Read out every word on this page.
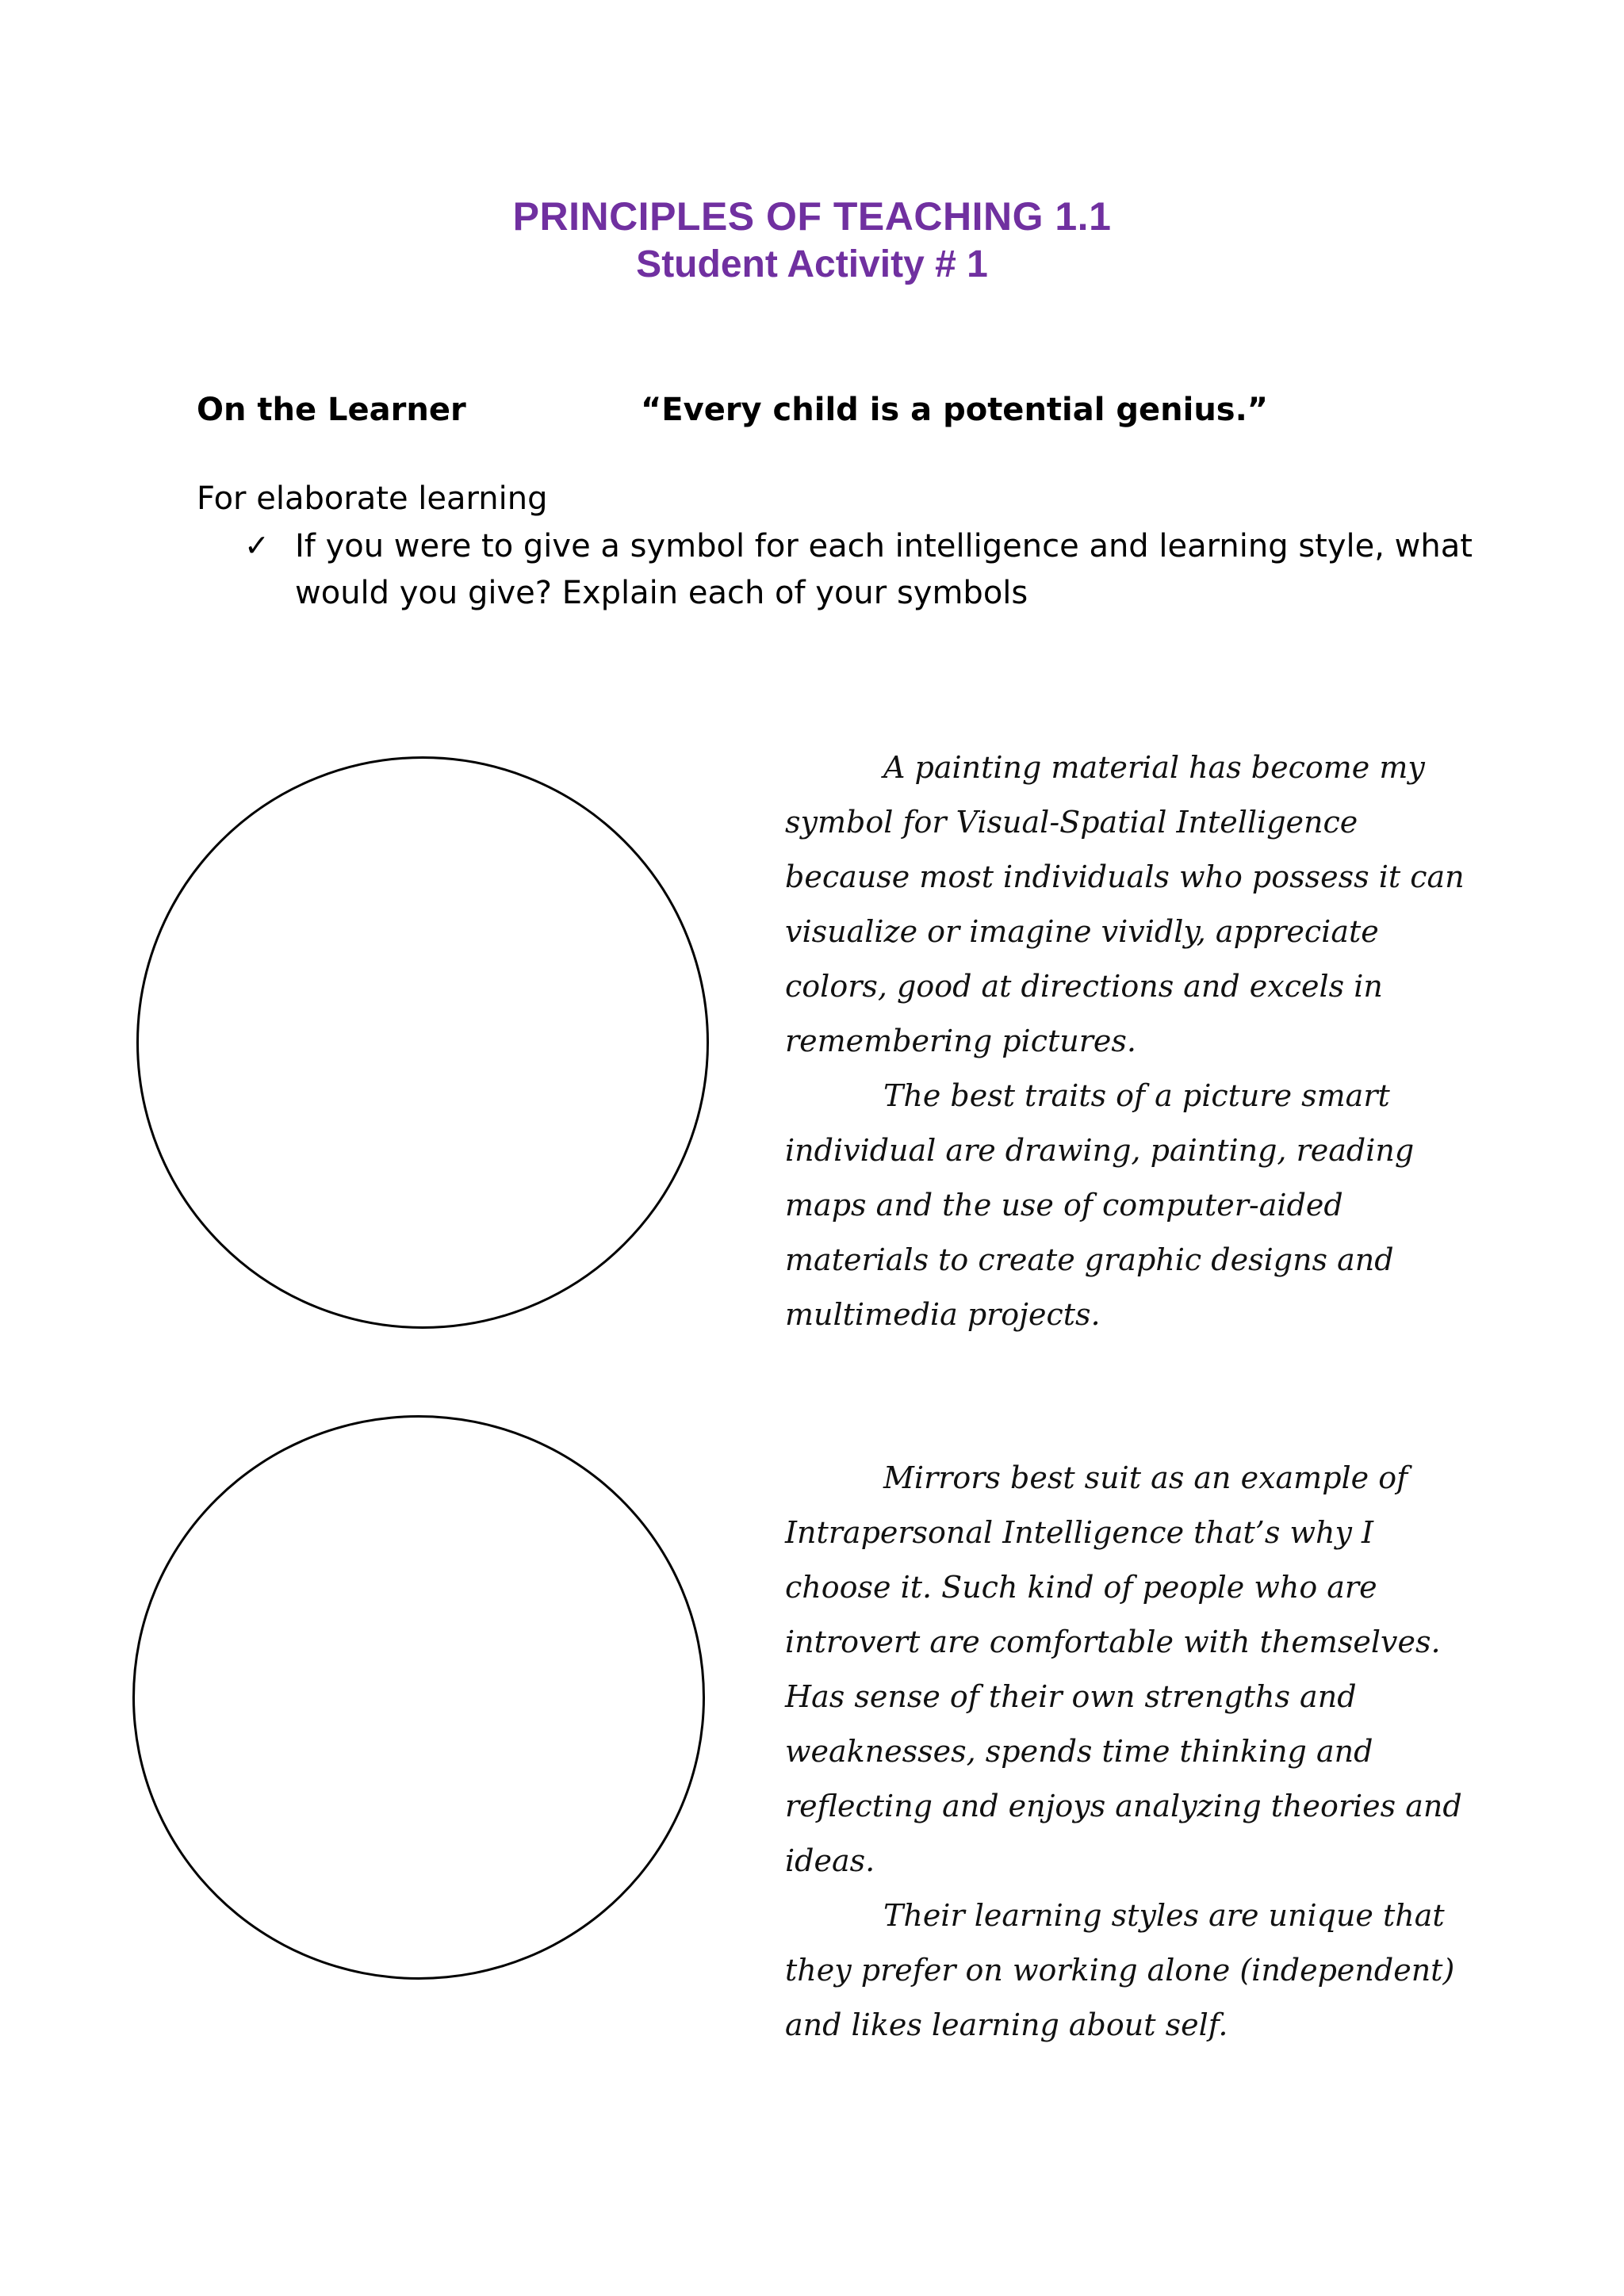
PRINCIPLES OF TEACHING 1.1
Student Activity # 1
On the Learner	“Every child is a potential genius.”
For elaborate learning
✓ If you were to give a symbol for each intelligence and learning style, what
would you give? Explain each of your symbols
A painting material has become my
symbol for Visual-Spatial Intelligence
because most individuals who possess it can
visualize or imagine vividly, appreciate
colors, good at directions and excels in
remembering pictures.
The best traits of a picture smart
individual are drawing, painting, reading
maps and the use of computer-aided
materials to create graphic designs and
multimedia projects.
Mirrors best suit as an example of
Intrapersonal Intelligence that’s why I
choose it. Such kind of people who are
introvert are comfortable with themselves.
Has sense of their own strengths and
weaknesses, spends time thinking and
reflecting and enjoys analyzing theories and
ideas.
Their learning styles are unique that
they prefer on working alone (independent)
and likes learning about self.
